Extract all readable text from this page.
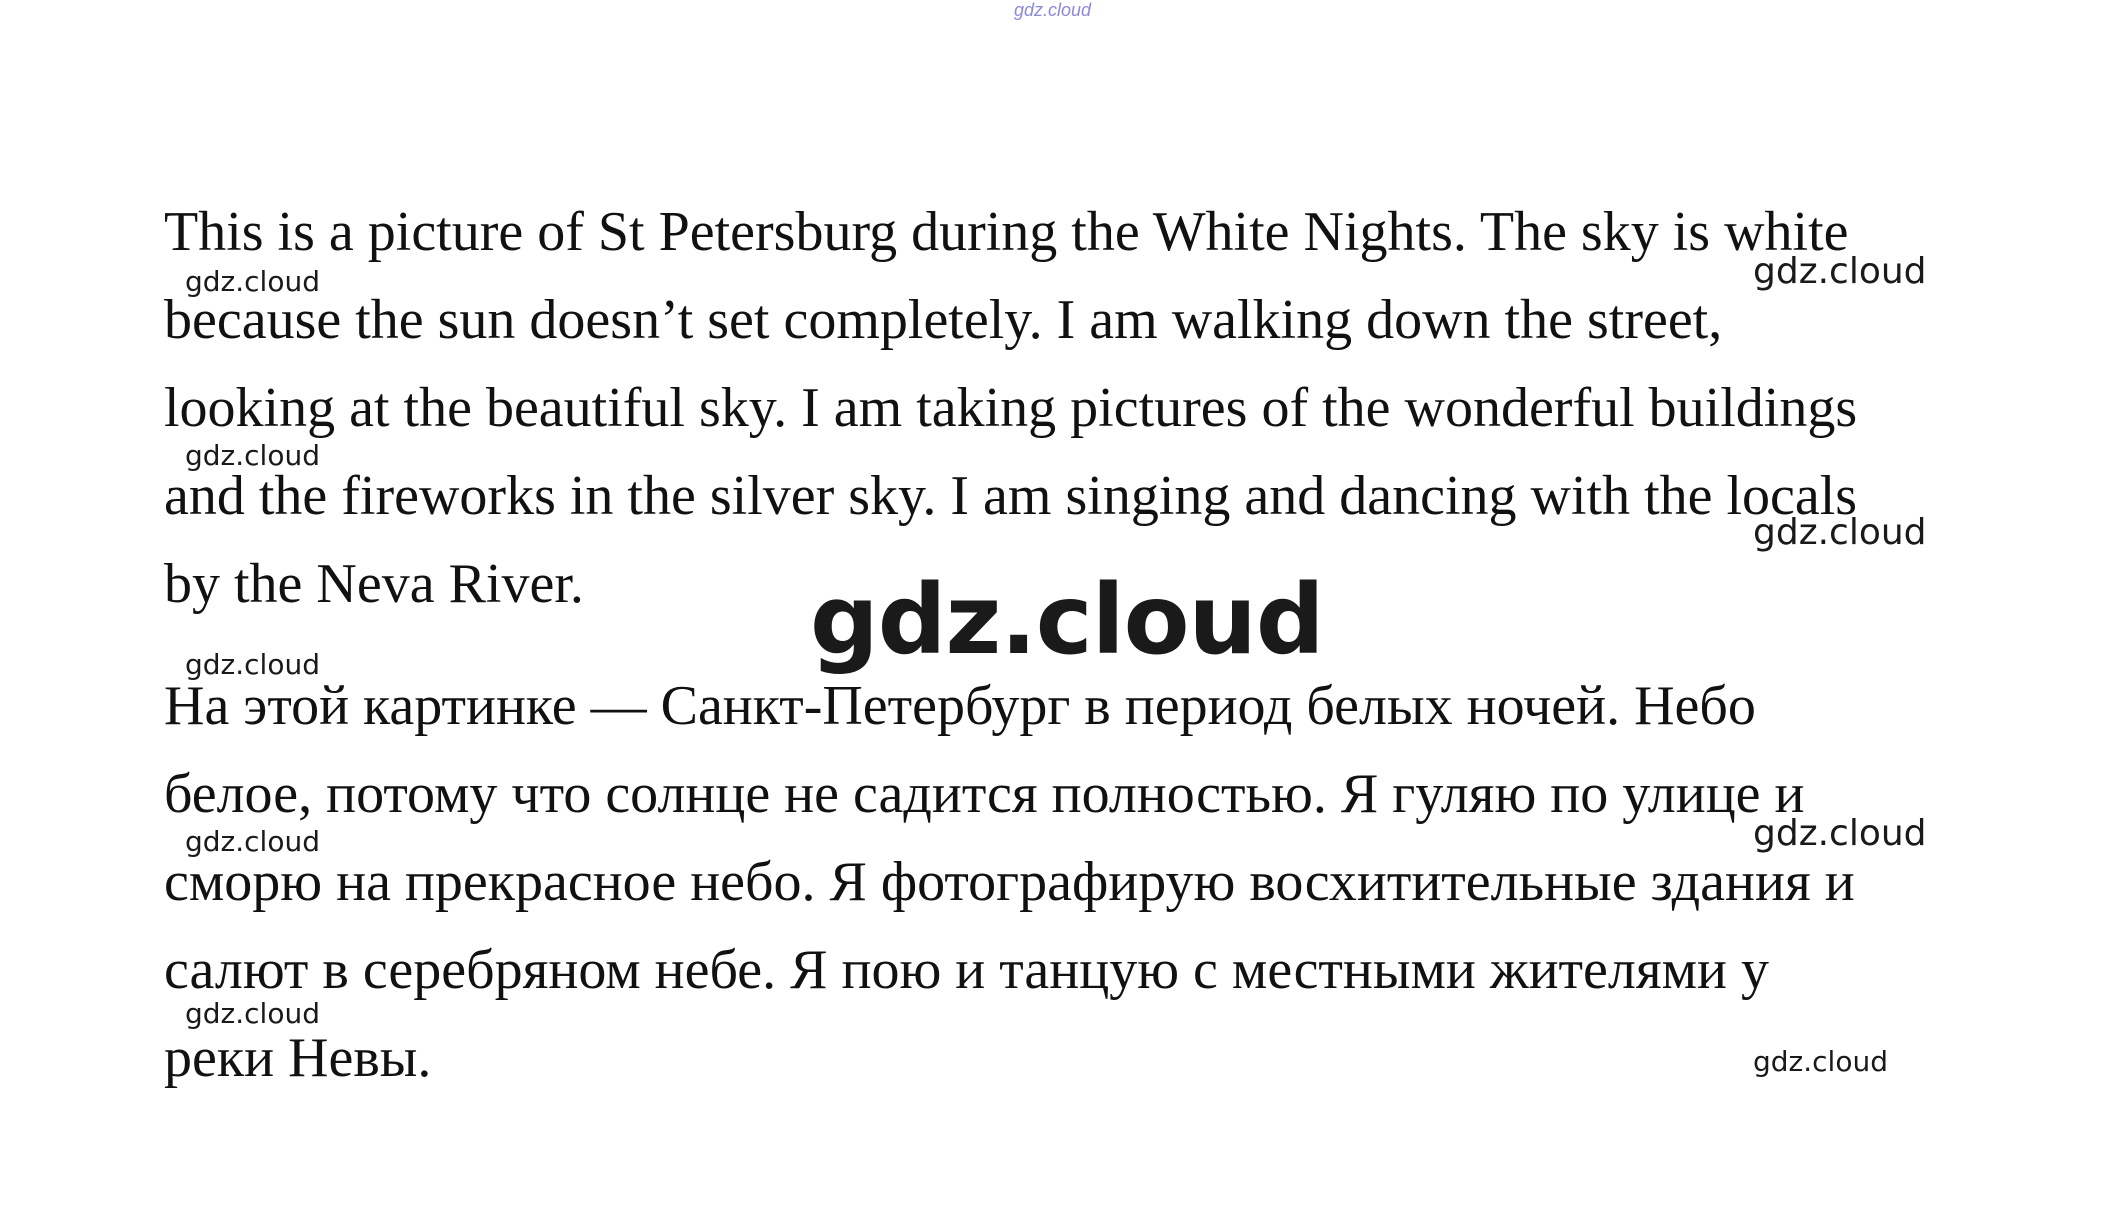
gdz.cloud
This is a picture of St Petersburg during the White Nights. The sky is white
because the sun doesn’t set completely. I am walking down the street,
looking at the beautiful sky. I am taking pictures of the wonderful buildings
and the fireworks in the silver sky. I am singing and dancing with the locals
by the Neva River.
На этой картинке — Санкт-Петербург в период белых ночей. Небо
белое, потому что солнце не садится полностью. Я гуляю по улице и
сморю на прекрасное небо. Я фотографирую восхитительные здания и
салют в серебряном небе. Я пою и танцую с местными жителями у
реки Невы.
gdz.cloud	gdz.cloud
gdz.cloud
gdz.cloud
gdz.cloud
gdz.cloud
gdz.cloud	gdz.cloud
gdz.cloud
gdz.cloud
